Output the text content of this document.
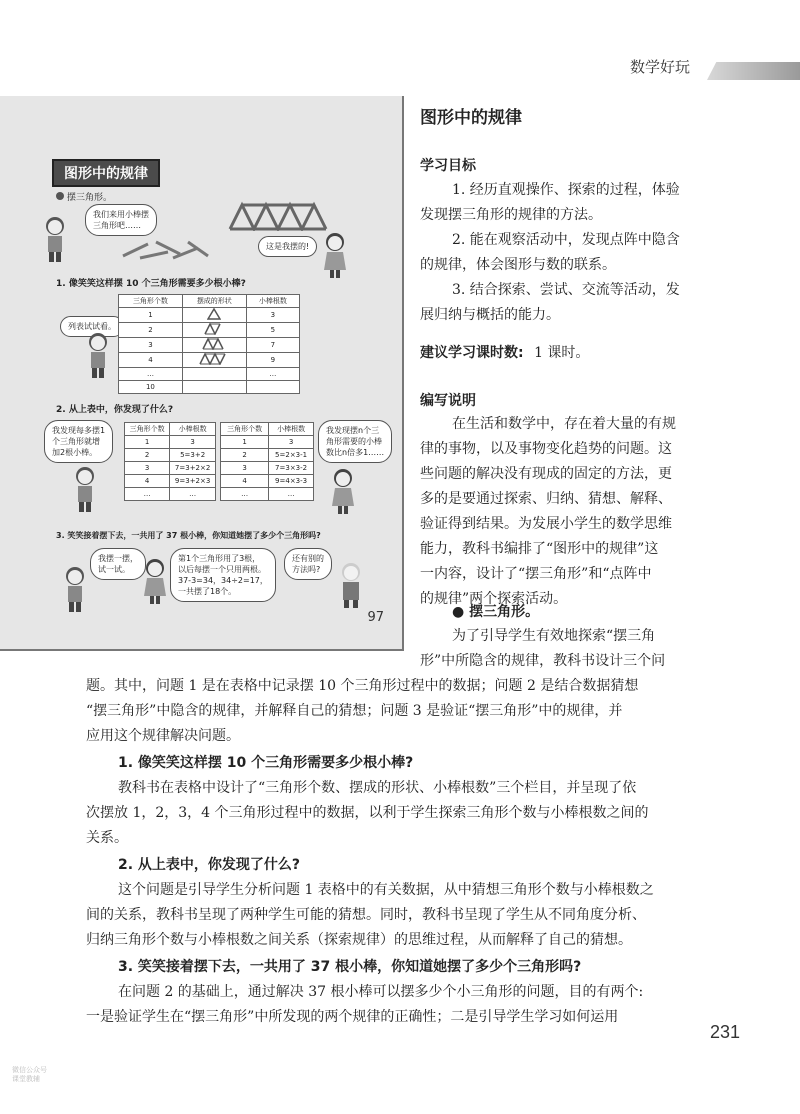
数学好玩
图形中的规律
摆三角形。
我们来用小棒摆
三角形吧……
这是我摆的!
1. 像笑笑这样摆 10 个三角形需要多少根小棒?
列表试试看。
三角形个数	摆成的形状	小棒根数
1		3
2		5
3		7
4		9
…		…
10		
2. 从上表中，你发现了什么?
我发现每多摆1
个三角形就增
加2根小棒。
三角形个数	小棒根数
1	3
2	5=3+2
3	7=3+2×2
4	9=3+2×3
…	…
三角形个数	小棒根数
1	3
2	5=2×3-1
3	7=3×3-2
4	9=4×3-3
…	…
我发现摆n个三
角形需要的小棒
数比n倍多1……
3. 笑笑接着摆下去，一共用了 37 根小棒，你知道她摆了多少个三角形吗?
我摆一摆，
试一试。
第1个三角形用了3根，
以后每摆一个只用两根。
37-3=34，34÷2=17，
一共摆了18个。
还有别的
方法吗?
97
图形中的规律
学习目标
1. 经历直观操作、探索的过程，体验
发现摆三角形的规律的方法。
2. 能在观察活动中，发现点阵中隐含
的规律，体会图形与数的联系。
3. 结合探索、尝试、交流等活动，发
展归纳与概括的能力。
建议学习课时数: 1 课时。
编写说明
在生活和数学中，存在着大量的有规
律的事物，以及事物变化趋势的问题。这
些问题的解决没有现成的固定的方法，更
多的是要通过探索、归纳、猜想、解释、
验证得到结果。为发展小学生的数学思维
能力，教科书编排了“图形中的规律”这
一内容，设计了“摆三角形”和“点阵中
的规律”两个探索活动。
● 摆三角形。
为了引导学生有效地探索“摆三角
形”中所隐含的规律，教科书设计三个问
题。其中，问题 1 是在表格中记录摆 10 个三角形过程中的数据；问题 2 是结合数据猜想
“摆三角形”中隐含的规律，并解释自己的猜想；问题 3 是验证“摆三角形”中的规律，并
应用这个规律解决问题。
1. 像笑笑这样摆 10 个三角形需要多少根小棒?
教科书在表格中设计了“三角形个数、摆成的形状、小棒根数”三个栏目，并呈现了依
次摆放 1，2，3，4 个三角形过程中的数据，以利于学生探索三角形个数与小棒根数之间的
关系。
2. 从上表中，你发现了什么?
这个问题是引导学生分析问题 1 表格中的有关数据，从中猜想三角形个数与小棒根数之
间的关系，教科书呈现了两种学生可能的猜想。同时，教科书呈现了学生从不同角度分析、
归纳三角形个数与小棒根数之间关系（探索规律）的思维过程，从而解释了自己的猜想。
3. 笑笑接着摆下去，一共用了 37 根小棒，你知道她摆了多少个三角形吗?
在问题 2 的基础上，通过解决 37 根小棒可以摆多少个小三角形的问题，目的有两个:
一是验证学生在“摆三角形”中所发现的两个规律的正确性；二是引导学生学习如何运用
231
微信公众号
课堂教辅
